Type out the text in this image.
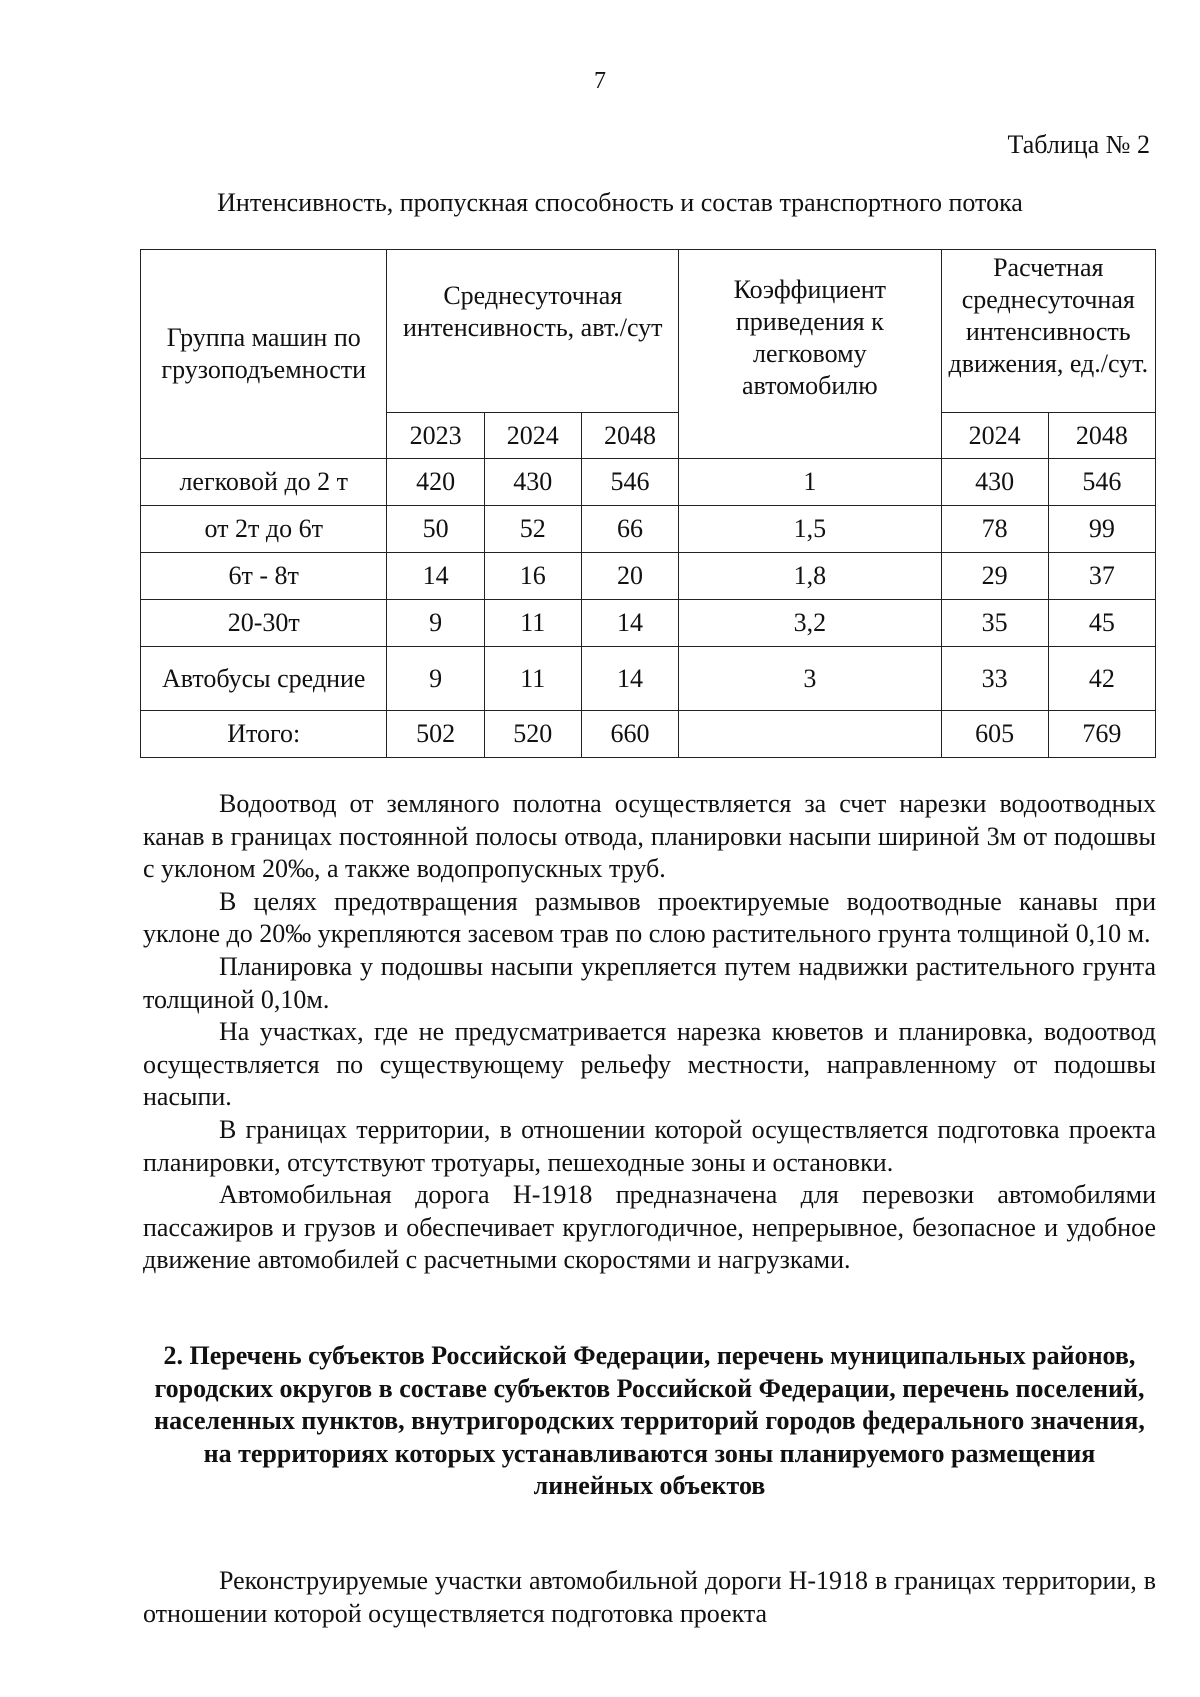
7
Таблица № 2
Интенсивность, пропускная способность и состав транспортного потока
Группа машин по грузоподъемности	Среднесуточная интенсивность, авт./сут			Коэффициент приведения к легковому автомобилю	Расчетная среднесуточная интенсивность движения, ед./сут.	
	2023	2024	2048		2024	2048
легковой до 2 т	420	430	546	1	430	546
от 2т до 6т	50	52	66	1,5	78	99
6т - 8т	14	16	20	1,8	29	37
20-30т	9	11	14	3,2	35	45
Автобусы средние	9	11	14	3	33	42
Итого:	502	520	660		605	769

Водоотвод от земляного полотна осуществляется за счет нарезки водоотводных канав в границах постоянной полосы отвода, планировки насыпи шириной 3м от подошвы с уклоном 20‰, а также водопропускных труб.

В целях предотвращения размывов проектируемые водоотводные канавы при уклоне до 20‰ укрепляются засевом трав по слою растительного грунта толщиной 0,10 м.

Планировка у подошвы насыпи укрепляется путем надвижки растительного грунта толщиной 0,10м.

На участках, где не предусматривается нарезка кюветов и планировка, водоотвод осуществляется по существующему рельефу местности, направленному от подошвы насыпи.

В границах территории, в отношении которой осуществляется подготовка проекта планировки, отсутствуют тротуары, пешеходные зоны и остановки.

Автомобильная дорога Н-1918 предназначена для перевозки автомобилями пассажиров и грузов и обеспечивает круглогодичное, непрерывное, безопасное и удобное движение автомобилей с расчетными скоростями и нагрузками.

2. Перечень субъектов Российской Федерации, перечень муниципальных районов, городских округов в составе субъектов Российской Федерации, перечень поселений, населенных пунктов, внутригородских территорий городов федерального значения, на территориях которых устанавливаются зоны планируемого размещения линейных объектов

Реконструируемые участки автомобильной дороги Н-1918 в границах территории, в отношении которой осуществляется подготовка проекта
